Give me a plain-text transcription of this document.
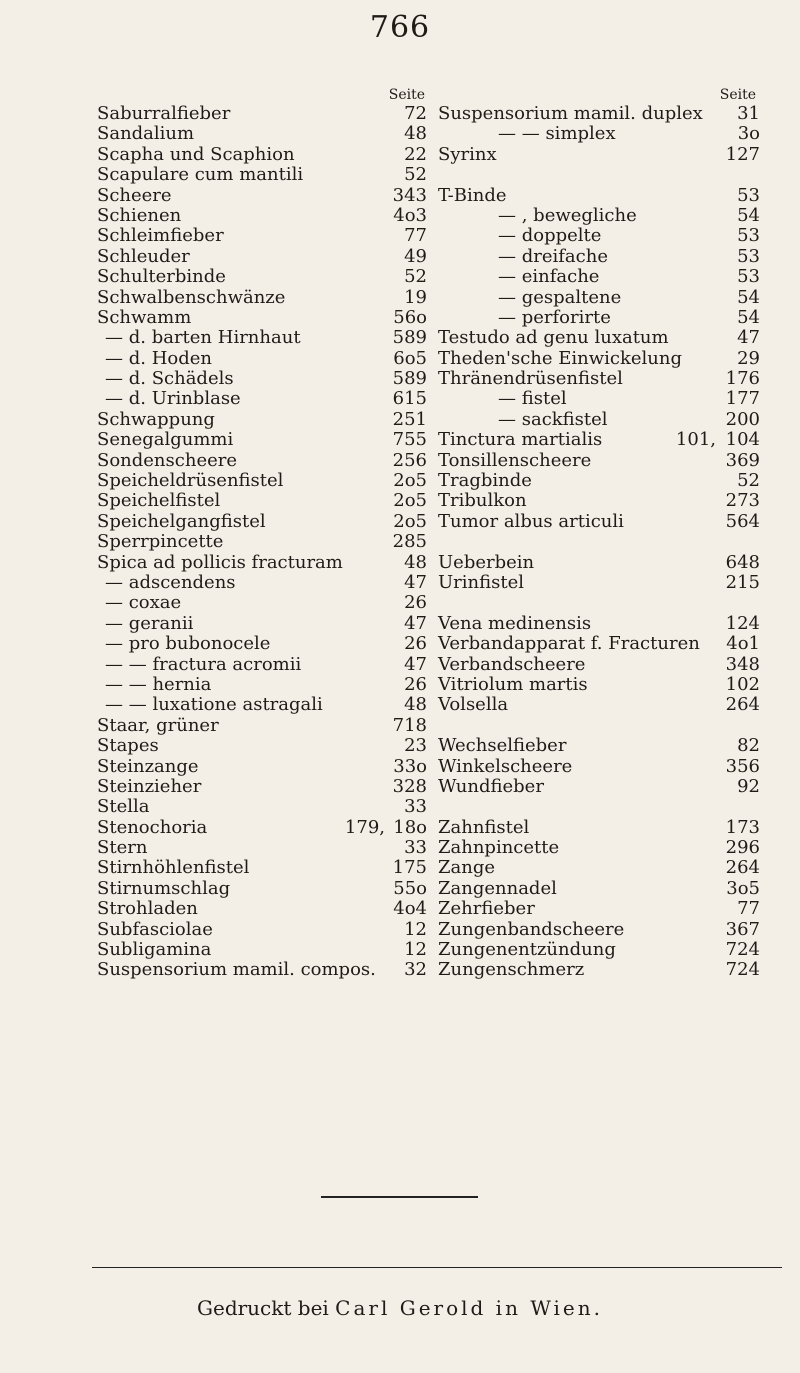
766
Seite
Saburralfieber	72
Sandalium	48
Scapha und Scaphion	22
Scapulare cum mantili	52
Scheere	343
Schienen	4o3
Schleimfieber	77
Schleuder	49
Schulterbinde	52
Schwalbenschwänze	19
Schwamm	56o
— d. barten Hirnhaut	589
— d. Hoden	6o5
— d. Schädels	589
— d. Urinblase	615
Schwappung	251
Senegalgummi	755
Sondenscheere	256
Speicheldrüsenfistel	2o5
Speichelfistel	2o5
Speichelgangfistel	2o5
Sperrpincette	285
Spica ad pollicis fracturam	48
— adscendens	47
— coxae	26
— geranii	47
— pro bubonocele	26
— — fractura acromii	47
— — hernia	26
— — luxatione astragali	48
Staar, grüner	718
Stapes	23
Steinzange	33o
Steinzieher	328
Stella	33
Stenochoria	179, 18o
Stern	33
Stirnhöhlenfistel	175
Stirnumschlag	55o
Strohladen	4o4
Subfasciolae	12
Subligamina	12
Suspensorium mamil. compos. 32
Seite
Suspensorium mamil. duplex 31
— — simplex	3o
Syrinx	127
T-Binde	53
— , bewegliche	54
— doppelte	53
— dreifache	53
— einfache	53
— gespaltene	54
— perforirte	54
Testudo ad genu luxatum	47
Theden'sche Einwickelung	29
Thränendrüsenfistel	176
— fistel	177
— sackfistel	200
Tinctura martialis	101, 104
Tonsillenscheere	369
Tragbinde	52
Tribulkon	273
Tumor albus articuli	564
Ueberbein	648
Urinfistel	215
Vena medinensis	124
Verbandapparat f. Fracturen 4o1
Verbandscheere	348
Vitriolum martis	102
Volsella	264
Wechselfieber	82
Winkelscheere	356
Wundfieber	92
Zahnfistel	173
Zahnpincette	296
Zange	264
Zangennadel	3o5
Zehrfieber	77
Zungenbandscheere	367
Zungenentzündung	724
Zungenschmerz	724
Gedruckt bei Carl Gerold in Wien.
